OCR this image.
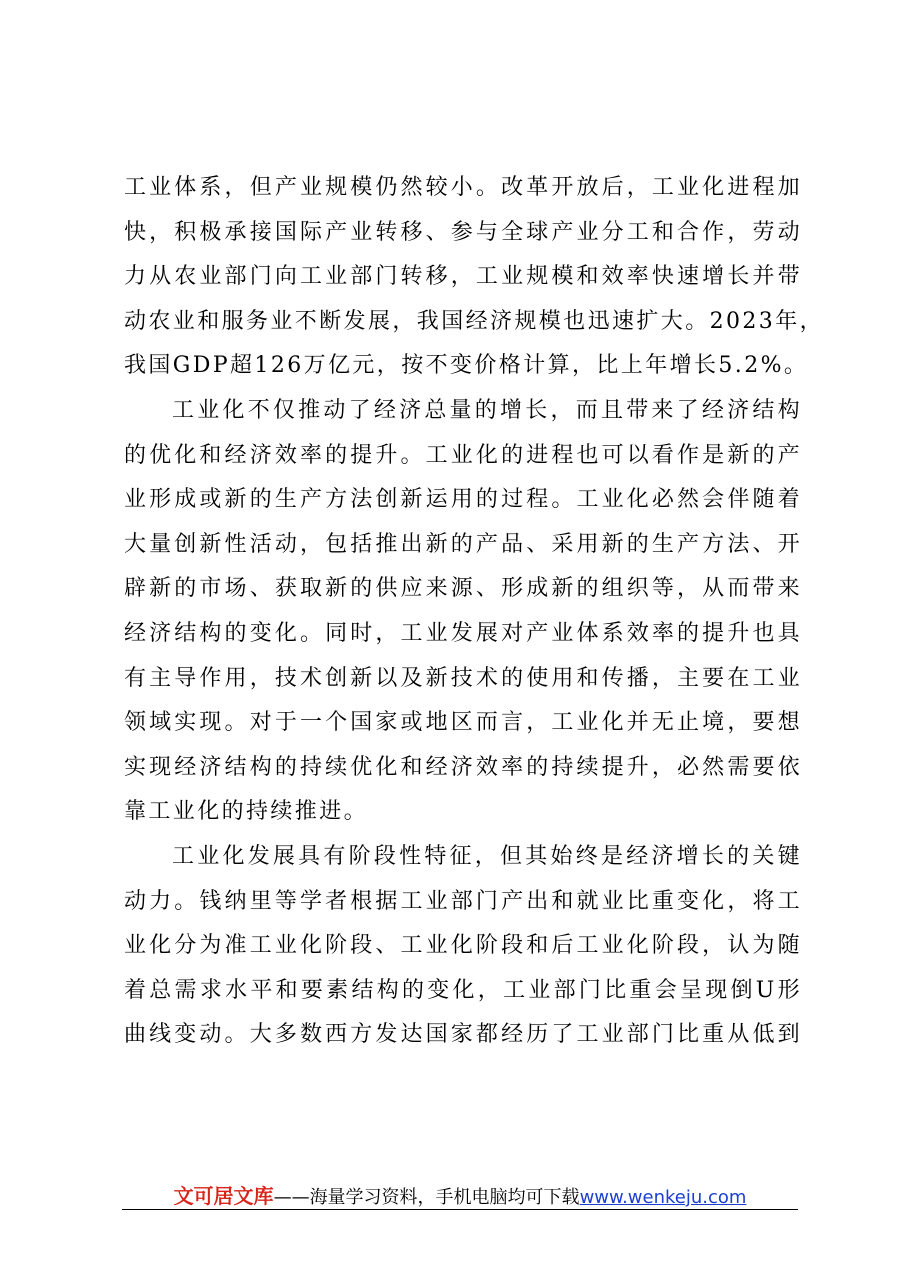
工业体系，但产业规模仍然较小。改革开放后，工业化进程加
快，积极承接国际产业转移、参与全球产业分工和合作，劳动
力从农业部门向工业部门转移，工业规模和效率快速增长并带
动农业和服务业不断发展，我国经济规模也迅速扩大。2023年，
我国GDP超126万亿元，按不变价格计算，比上年增长5.2%。
工业化不仅推动了经济总量的增长，而且带来了经济结构
的优化和经济效率的提升。工业化的进程也可以看作是新的产
业形成或新的生产方法创新运用的过程。工业化必然会伴随着
大量创新性活动，包括推出新的产品、采用新的生产方法、开
辟新的市场、获取新的供应来源、形成新的组织等，从而带来
经济结构的变化。同时，工业发展对产业体系效率的提升也具
有主导作用，技术创新以及新技术的使用和传播，主要在工业
领域实现。对于一个国家或地区而言，工业化并无止境，要想
实现经济结构的持续优化和经济效率的持续提升，必然需要依
靠工业化的持续推进。
工业化发展具有阶段性特征，但其始终是经济增长的关键
动力。钱纳里等学者根据工业部门产出和就业比重变化，将工
业化分为准工业化阶段、工业化阶段和后工业化阶段，认为随
着总需求水平和要素结构的变化，工业部门比重会呈现倒U形
曲线变动。大多数西方发达国家都经历了工业部门比重从低到
文可居文库——海量学习资料，手机电脑均可下载www.wenkeju.com
